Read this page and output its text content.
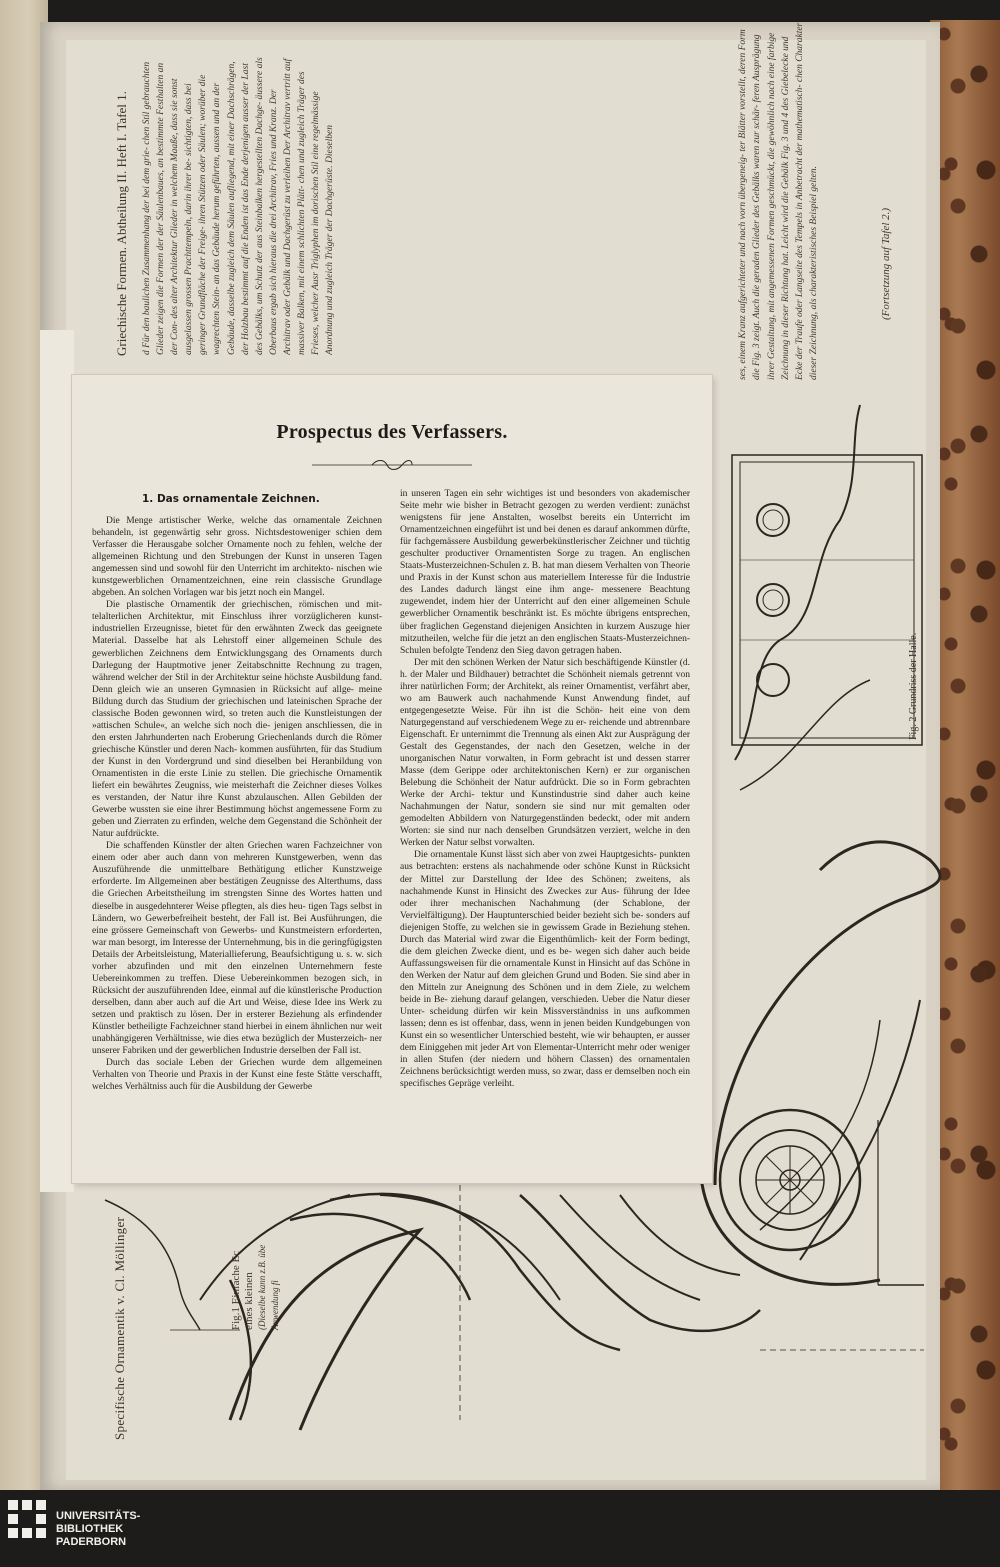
Griechische Formen. Abtheilung II. Heft I. Tafel 1.
Specifische Ornamentik v. Cl. Möllinger
d Für den baulichen Zusammenhang der bei dem grie- chen Stil gebrauchten Glieder zeigen die Formen der der Säulenbaues, an bestimmte Festhalten an der Con- des alter Architektur Glieder in welchem Maaße, dass sie sonst ausgelassen grossen Prachttempeln, darin ihrer be- sichtigten, dass bei geringer Grundfläche der Freige- ihren Stützen oder Säulen; worüber die wagrechten Stein- an das Gebäude herum geführten, aussen und an der Gebäude, dasselbe zugleich dem Säulen aufliegend, mit einer Dachschrägen, der Holzbau bestimmt auf die Enden ist das Ende derjenigen ausser der Last des Gebälks, um Schutz der aus Steinbalken hergestellten Dachge- äussere als Oberbaus ergab sich hieraus die drei Architrav, Fries und Kranz. Der Architrav oder Gebälk und Dachgerüst zu verleihen Der Architrav vertritt auf massiver Balken, mit einem schlichten Plätt- chen und zugleich Träger des Frieses, welcher Ausr Triglyphen im dorischen Stil eine regelmässige Anordnung und zugleich Träger der Dachgerüste. Dieselben	ses, einem Kranz aufgerichteter und nach vorn übergeneig- ter Blätter vorstellt, deren Form die Fig. 3 zeigt. Auch die geraden Glieder des Gebälks waren zur schär- feren Ausprägung ihrer Gestaltung, mit angemessenen Formen geschmückt, die gewöhnlich nach eine farbige Zeichnung in dieser Richtung hat. Leicht wird die Gebälk Fig. 3 und 4 des Giebelecke und Ecke der Traufe oder Langseite des Tempels in Anbetracht der mathematisch- chen Charakter dieser Zeichnung, als charakteristisches Beispiel gelten.
Prospectus des Verfassers.
1. Das ornamentale Zeichnen.

Die Menge artistischer Werke, welche das ornamentale Zeichnen behandeln, ist gegenwärtig sehr gross. Nichtsdestoweniger schien dem Verfasser die Herausgabe solcher Ornamente noch zu fehlen, welche der allgemeinen Richtung und den Strebungen der Kunst in unseren Tagen angemessen sind und sowohl für den Unterricht im architekto- nischen wie kunstgewerblichen Ornamentzeichnen, eine rein classische Grundlage abgeben. An solchen Vorlagen war bis jetzt noch ein Mangel.

Die plastische Ornamentik der griechischen, römischen und mit- telalterlichen Architektur, mit Einschluss ihrer vorzüglicheren kunst- industriellen Erzeugnisse, bietet für den erwähnten Zweck das geeignete Material. Dasselbe hat als Lehrstoff einer allgemeinen Schule des gewerblichen Zeichnens dem Entwicklungsgang des Ornaments durch Darlegung der Hauptmotive jener Zeitabschnitte Rechnung zu tragen, während welcher der Stil in der Architektur seine höchste Ausbildung fand. Denn gleich wie an unseren Gymnasien in Rücksicht auf allge- meine Bildung durch das Studium der griechischen und lateinischen Sprache der classische Boden gewonnen wird, so treten auch die Kunstleistungen der »attischen Schule«, an welche sich noch die- jenigen anschliessen, die in den ersten Jahrhunderten nach Eroberung Griechenlands durch die Römer griechische Künstler und deren Nach- kommen ausführten, für das Studium der Kunst in den Vordergrund und sind dieselben bei Heranbildung von Ornamentisten in die erste Linie zu stellen. Die griechische Ornamentik liefert ein bewährtes Zeugniss, wie meisterhaft die Zeichner dieses Volkes es verstanden, der Natur ihre Kunst abzulauschen. Allen Gebilden der Gewerbe wussten sie eine ihrer Bestimmung höchst angemessene Form zu geben und Zierraten zu erfinden, welche dem Gegenstand die Schönheit der Natur aufdrückte.

Die schaffenden Künstler der alten Griechen waren Fachzeichner von einem oder aber auch dann von mehreren Kunstgewerben, wenn das Auszuführende die unmittelbare Bethätigung etlicher Kunstzweige erforderte. Im Allgemeinen aber bestätigen Zeugnisse des Alterthums, dass die Griechen Arbeitstheilung im strengsten Sinne des Wortes hatten und dieselbe in ausgedehnterer Weise pflegten, als dies heu- tigen Tags selbst in Ländern, wo Gewerbefreiheit besteht, der Fall ist. Bei Ausführungen, die eine grössere Gemeinschaft von Gewerbs- und Kunstmeistern erforderten, war man besorgt, im Interesse der Unternehmung, bis in die geringfügigsten Details der Arbeitsleistung, Materiallieferung, Beaufsichtigung u. s. w. sich vorher abzufinden und mit den einzelnen Unternehmern feste Uebereinkommen zu treffen. Diese Uebereinkommen bezogen sich, in Rücksicht der auszuführenden Idee, einmal auf die künstlerische Production derselben, dann aber auch auf die Art und Weise, diese Idee ins Werk zu setzen und praktisch zu lösen. Der in ersterer Beziehung als erfindender Künstler betheiligte Fachzeichner stand hierbei in einem ähnlichen nur weit unabhängigeren Verhältnisse, wie dies etwa bezüglich der Musterzeich- ner unserer Fabriken und der gewerblichen Industrie derselben der Fall ist.

Durch das sociale Leben der Griechen wurde dem allgemeinen Verhalten von Theorie und Praxis in der Kunst eine feste Stätte verschafft, welches Verhältniss auch für die Ausbildung der Gewerbe

in unseren Tagen ein sehr wichtiges ist und besonders von akademischer Seite mehr wie bisher in Betracht gezogen zu werden verdient: zunächst wenigstens für jene Anstalten, woselbst bereits ein Unterricht im Ornamentzeichnen eingeführt ist und bei denen es darauf ankommen dürfte, für fachgemässere Ausbildung gewerbekünstlerischer Zeichner und tüchtig geschulter productiver Ornamentisten Sorge zu tragen. An englischen Staats-Musterzeichnen-Schulen z. B. hat man diesem Verhalten von Theorie und Praxis in der Kunst schon aus materiellem Interesse für die Industrie des Landes dadurch längst eine ihm ange- messenere Beachtung zugewendet, indem hier der Unterricht auf den einer allgemeinen Schule gewerblicher Ornamentik beschränkt ist. Es möchte übrigens entsprechen, über fraglichen Gegenstand diejenigen Ansichten in kurzem Auszuge hier mitzutheilen, welche für die jetzt an den englischen Staats-Musterzeichnen-Schulen befolgte Tendenz den Sieg davon getragen haben.

Der mit den schönen Werken der Natur sich beschäftigende Künstler (d. h. der Maler und Bildhauer) betrachtet die Schönheit niemals getrennt von ihrer natürlichen Form; der Architekt, als reiner Ornamentist, verfährt aber, wo am Bauwerk auch nachahmende Kunst Anwendung findet, auf entgegengesetzte Weise. Für ihn ist die Schön- heit eine von dem Naturgegenstand auf verschiedenem Wege zu er- reichende und abtrennbare Eigenschaft. Er unternimmt die Trennung als einen Akt zur Ausprägung der Gestalt des Gegenstandes, der nach den Gesetzen, welche in der unorganischen Natur vorwalten, in Form gebracht ist und dessen starrer Masse (dem Gerippe oder architektonischen Kern) er zur organischen Belebung die Schönheit der Natur aufdrückt. Die so in Form gebrachten Werke der Archi- tektur und Kunstindustrie sind daher auch keine Nachahmungen der Natur, sondern sie sind nur mit gemalten oder gemodelten Abbildern von Naturgegenständen bedeckt, oder mit andern Worten: sie sind nur nach denselben Grundsätzen verziert, welche in den Werken der Natur selbst vorwalten.

Die ornamentale Kunst lässt sich aber von zwei Hauptgesichts- punkten aus betrachten: erstens als nachahmende oder schöne Kunst in Rücksicht der Mittel zur Darstellung der Idee des Schönen; zweitens, als nachahmende Kunst in Hinsicht des Zweckes zur Aus- führung der Idee oder ihrer mechanischen Nachahmung (der Schablone, der Vervielfältigung). Der Hauptunterschied beider bezieht sich be- sonders auf diejenigen Stoffe, zu welchen sie in gewissem Grade in Beziehung stehen. Durch das Material wird zwar die Eigenthümlich- keit der Form bedingt, die dem gleichen Zwecke dient, und es be- wegen sich daher auch beide Auffassungsweisen für die ornamentale Kunst in Hinsicht auf das Schöne in den Werken der Natur auf dem gleichen Grund und Boden. Sie sind aber in den Mitteln zur Aneignung des Schönen und in dem Ziele, zu welchem beide in Be- ziehung darauf gelangen, verschieden. Ueber die Natur dieser Unter- scheidung dürfen wir kein Missverständniss in uns aufkommen lassen; denn es ist offenbar, dass, wenn in jenen beiden Kundgebungen von Kunst ein so wesentlicher Unterschied besteht, wie wir behaupten, er ausser dem Einiggehen mit jeder Art von Elementar-Unterricht mehr oder weniger in allen Stufen (der niedern und höhern Classen) des ornamentalen Zeichnens berücksichtigt werden muss, so zwar, dass er demselben noch ein specifisches Gepräge verleiht.

Fig.1 Einfache Ec eines kleinen (Dieselbe kann z.B. übe Anwendung fi
Fig. 2 Grundriss der Halle.
(Fortsetzung auf Tafel 2.)
UNIVERSITÄTS-
BIBLIOTHEK
PADERBORN
